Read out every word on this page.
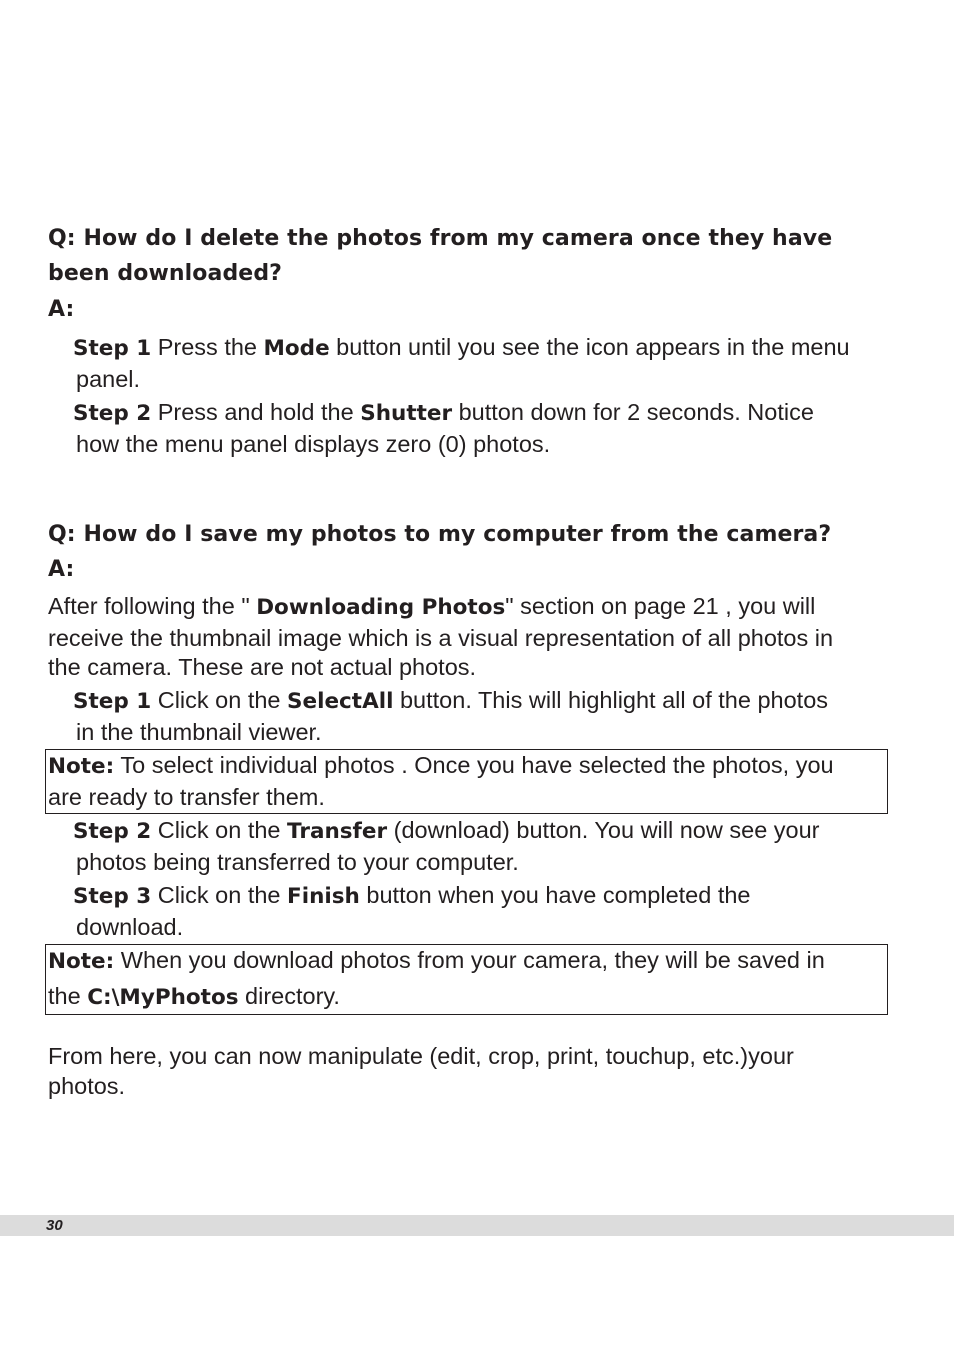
Q: How do I delete the photos from my camera once they have
been downloaded?
A:
Step 1 Press the Mode button until you see the icon appears in the menu
panel.
Step 2 Press and hold the Shutter button down for 2 seconds. Notice
how the menu panel displays zero (0) photos.
Q: How do I save my photos to my computer from the camera?
A:
After following the " Downloading Photos" section on page 21 , you will
receive the thumbnail image which is a visual representation of all photos in
the camera. These are not actual photos.
Step 1 Click on the SelectAll button. This will highlight all of the photos
in the thumbnail viewer.
Note: To select individual photos . Once you have selected the photos, you
are ready to transfer them.
Step 2 Click on the Transfer (download) button. You will now see your
photos being transferred to your computer.
Step 3 Click on the Finish button when you have completed the
download.
Note: When you download photos from your camera, they will be saved in
the C:\MyPhotos directory.
From here, you can now manipulate (edit, crop, print, touchup, etc.)your
photos.
30
